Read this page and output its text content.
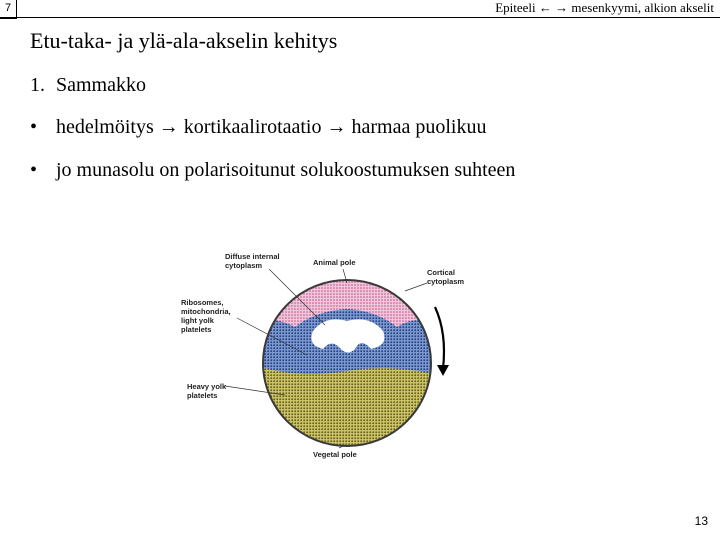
7	Epiteeli ← → mesenkyymi, alkion akselit
Etu-taka- ja ylä-ala-akselin kehitys
1. Sammakko
• hedelmöitys → kortikaalirotaatio → harmaa puolikuu
• jo munasolu on polarisoitunut solukoostumuksen suhteen
Diffuse internal cytoplasm	Animal pole
Cortical cytoplasm
Ribosomes, mitochondria, light yolk platelets
Heavy yolk platelets
Vegetal pole
13
